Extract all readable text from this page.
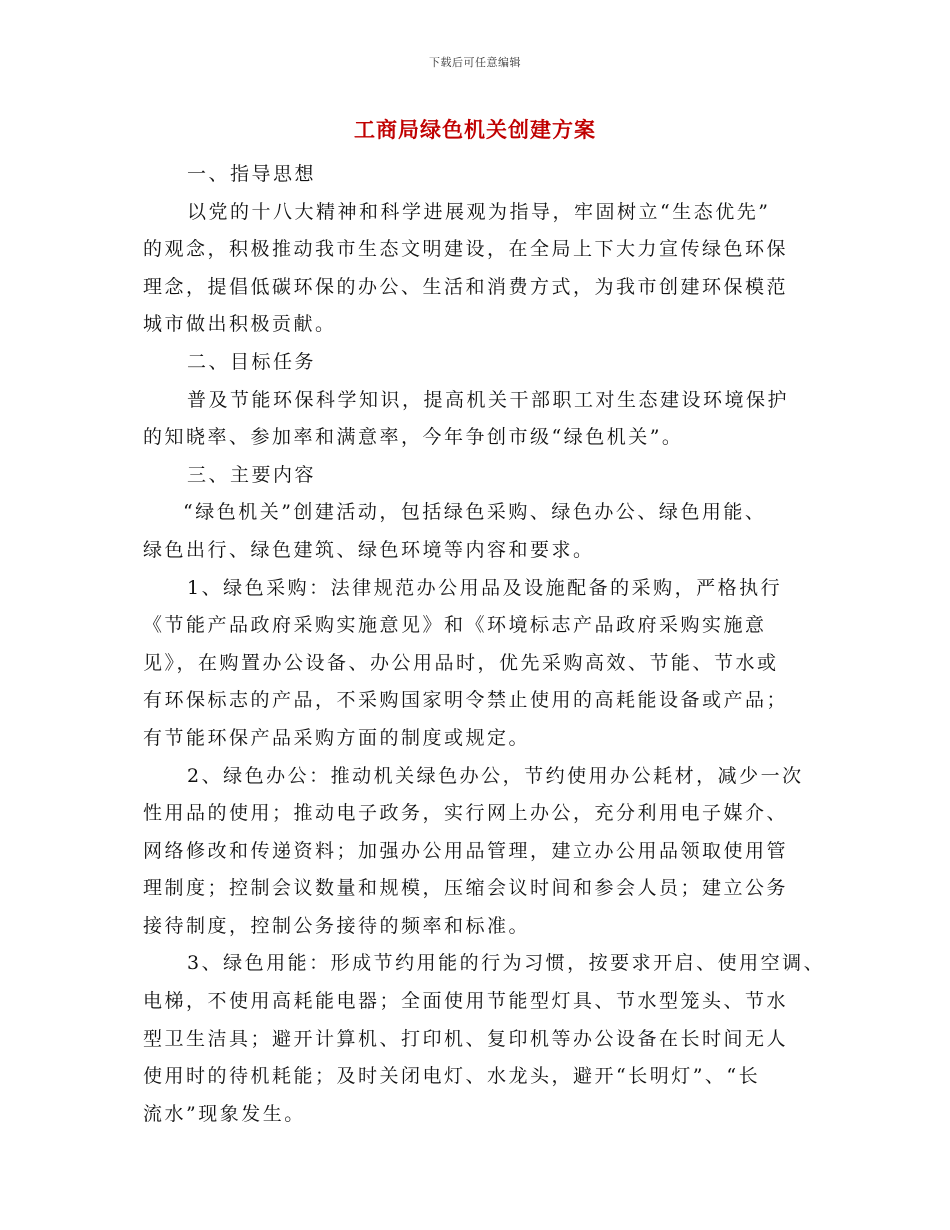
下载后可任意编辑
工商局绿色机关创建方案
一、指导思想
以党的十八大精神和科学进展观为指导，牢固树立“生态优先”
的观念，积极推动我市生态文明建设，在全局上下大力宣传绿色环保
理念，提倡低碳环保的办公、生活和消费方式，为我市创建环保模范
城市做出积极贡献。
二、目标任务
普及节能环保科学知识，提高机关干部职工对生态建设环境保护
的知晓率、参加率和满意率，今年争创市级“绿色机关”。
三、主要内容
“绿色机关”创建活动，包括绿色采购、绿色办公、绿色用能、
绿色出行、绿色建筑、绿色环境等内容和要求。
1、绿色采购：法律规范办公用品及设施配备的采购，严格执行
《节能产品政府采购实施意见》和《环境标志产品政府采购实施意
见》，在购置办公设备、办公用品时，优先采购高效、节能、节水或
有环保标志的产品，不采购国家明令禁止使用的高耗能设备或产品；
有节能环保产品采购方面的制度或规定。
2、绿色办公：推动机关绿色办公，节约使用办公耗材，减少一次
性用品的使用；推动电子政务，实行网上办公，充分利用电子媒介、
网络修改和传递资料；加强办公用品管理，建立办公用品领取使用管
理制度；控制会议数量和规模，压缩会议时间和参会人员；建立公务
接待制度，控制公务接待的频率和标准。
3、绿色用能：形成节约用能的行为习惯，按要求开启、使用空调、
电梯，不使用高耗能电器；全面使用节能型灯具、节水型笼头、节水
型卫生洁具；避开计算机、打印机、复印机等办公设备在长时间无人
使用时的待机耗能；及时关闭电灯、水龙头，避开“长明灯”、“长
流水”现象发生。
